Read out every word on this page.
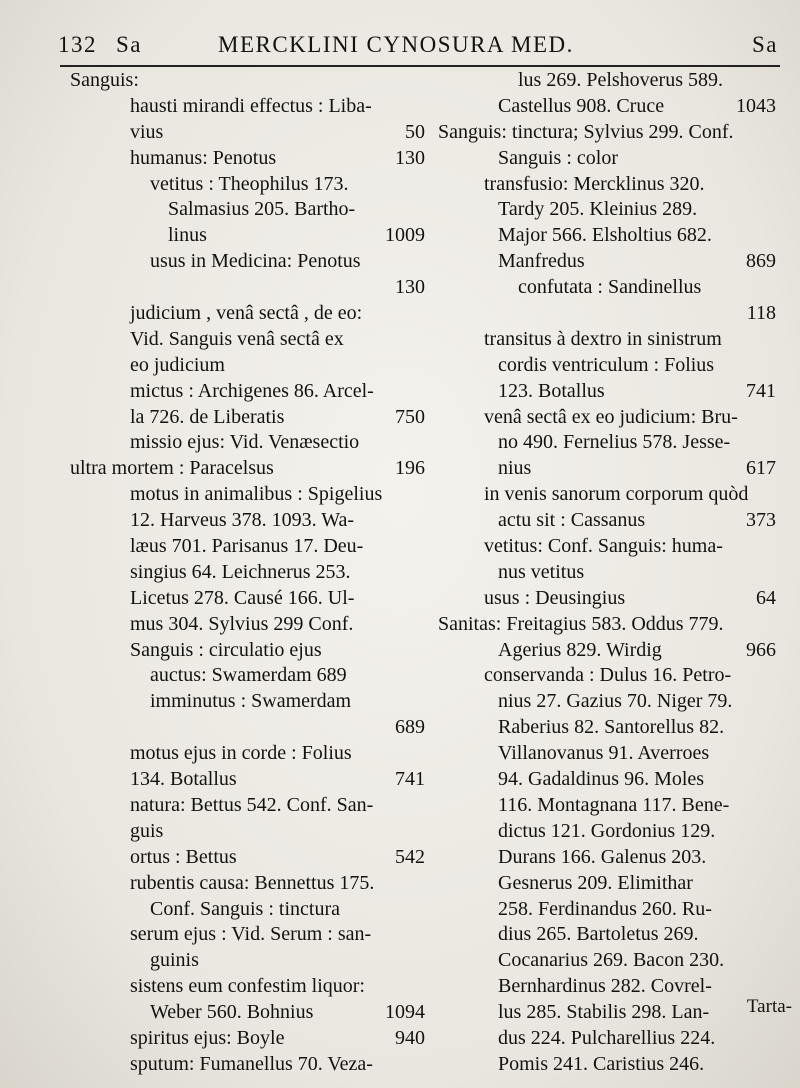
132 Sa	MERCKLINI CYNOSURA MED.	Sa
Sanguis:
hausti mirandi effectus : Liba-
vius	50
humanus: Penotus	130
vetitus : Theophilus 173.
Salmasius 205. Bartho-
linus	1009
usus in Medicina: Penotus
130
judicium , venâ sectâ , de eo:
Vid. Sanguis venâ sectâ ex
eo judicium
mictus : Archigenes 86. Arcel-
la 726. de Liberatis	750
missio ejus: Vid. Venæsectio
ultra mortem : Paracelsus	196
motus in animalibus : Spigelius
12. Harveus 378. 1093. Wa-
læus 701. Parisanus 17. Deu-
singius 64. Leichnerus 253.
Licetus 278. Causé 166. Ul-
mus 304. Sylvius 299 Conf.
Sanguis : circulatio ejus
auctus: Swamerdam 689
imminutus : Swamerdam
689
motus ejus in corde : Folius
134. Botallus	741
natura: Bettus 542. Conf. San-
guis
ortus : Bettus	542
rubentis causa: Bennettus 175.
Conf. Sanguis : tinctura
serum ejus : Vid. Serum : san-
guinis
sistens eum confestim liquor:
Weber 560. Bohnius	1094
spiritus ejus: Boyle	940
sputum: Fumanellus 70. Veza-
lus 269. Pelshoverus 589.
Castellus 908. Cruce	1043
Sanguis: tinctura; Sylvius 299. Conf.
Sanguis : color
transfusio: Mercklinus 320.
Tardy 205. Kleinius 289.
Major 566. Elsholtius 682.
Manfredus	869
confutata : Sandinellus
118
transitus à dextro in sinistrum
cordis ventriculum : Folius
123. Botallus	741
venâ sectâ ex eo judicium: Bru-
no 490. Fernelius 578. Jesse-
nius	617
in venis sanorum corporum quòd
actu sit : Cassanus	373
vetitus: Conf. Sanguis: huma-
nus vetitus
usus : Deusingius	64
Sanitas: Freitagius 583. Oddus 779.
Agerius 829. Wirdig	966
conservanda : Dulus 16. Petro-
nius 27. Gazius 70. Niger 79.
Raberius 82. Santorellus 82.
Villanovanus 91. Averroes
94. Gadaldinus 96. Moles
116. Montagnana 117. Bene-
dictus 121. Gordonius 129.
Durans 166. Galenus 203.
Gesnerus 209. Elimithar
258. Ferdinandus 260. Ru-
dius 265. Bartoletus 269.
Cocanarius 269. Bacon 230.
Bernhardinus 282. Covrel-
lus 285. Stabilis 298. Lan-
dus 224. Pulcharellius 224.
Pomis 241. Caristius 246.
Tarta-
